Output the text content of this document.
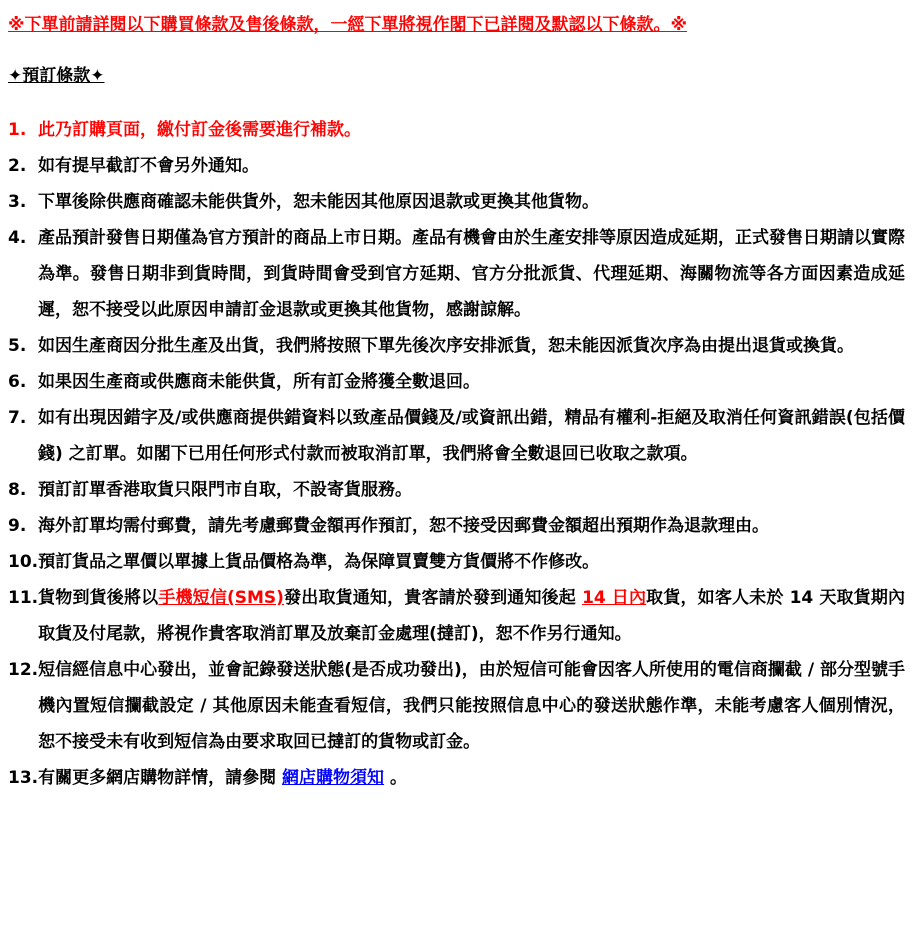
※下單前請詳閱以下購買條款及售後條款，一經下單將視作閣下已詳閱及默認以下條款。※

✦預訂條款✦

1. 此乃訂購頁面，繳付訂金後需要進行補款。
2. 如有提早截訂不會另外通知。
3. 下單後除供應商確認未能供貨外，恕未能因其他原因退款或更換其他貨物。
4. 產品預計發售日期僅為官方預計的商品上市日期。產品有機會由於生產安排等原因造成延期，正式發售日期請以實際為準。發售日期非到貨時間，到貨時間會受到官方延期、官方分批派貨、代理延期、海關物流等各方面因素造成延遲，恕不接受以此原因申請訂金退款或更換其他貨物，感謝諒解。
5. 如因生產商因分批生產及出貨，我們將按照下單先後次序安排派貨，恕未能因派貨次序為由提出退貨或換貨。
6. 如果因生產商或供應商未能供貨，所有訂金將獲全數退回。
7. 如有出現因錯字及/或供應商提供錯資料以致產品價錢及/或資訊出錯，精品有權利-拒絕及取消任何資訊錯誤(包括價錢) 之訂單。如閣下已用任何形式付款而被取消訂單，我們將會全數退回已收取之款項。
8. 預訂訂單香港取貨只限門市自取，不設寄貨服務。
9. 海外訂單均需付郵費，請先考慮郵費金額再作預訂，恕不接受因郵費金額超出預期作為退款理由。
10. 預訂貨品之單價以單據上貨品價格為準，為保障買賣雙方貨價將不作修改。
11. 貨物到貨後將以手機短信(SMS)發出取貨通知，貴客請於發到通知後起 14 日內取貨，如客人未於 14 天取貨期內取貨及付尾款，將視作貴客取消訂單及放棄訂金處理(撻訂)，恕不作另行通知。
12. 短信經信息中心發出，並會記錄發送狀態(是否成功發出)，由於短信可能會因客人所使用的電信商攔截 / 部分型號手機內置短信攔截設定 / 其他原因未能查看短信，我們只能按照信息中心的發送狀態作準，未能考慮客人個別情況，恕不接受未有收到短信為由要求取回已撻訂的貨物或訂金。
13. 有關更多網店購物詳情，請參閱 網店購物須知 。
